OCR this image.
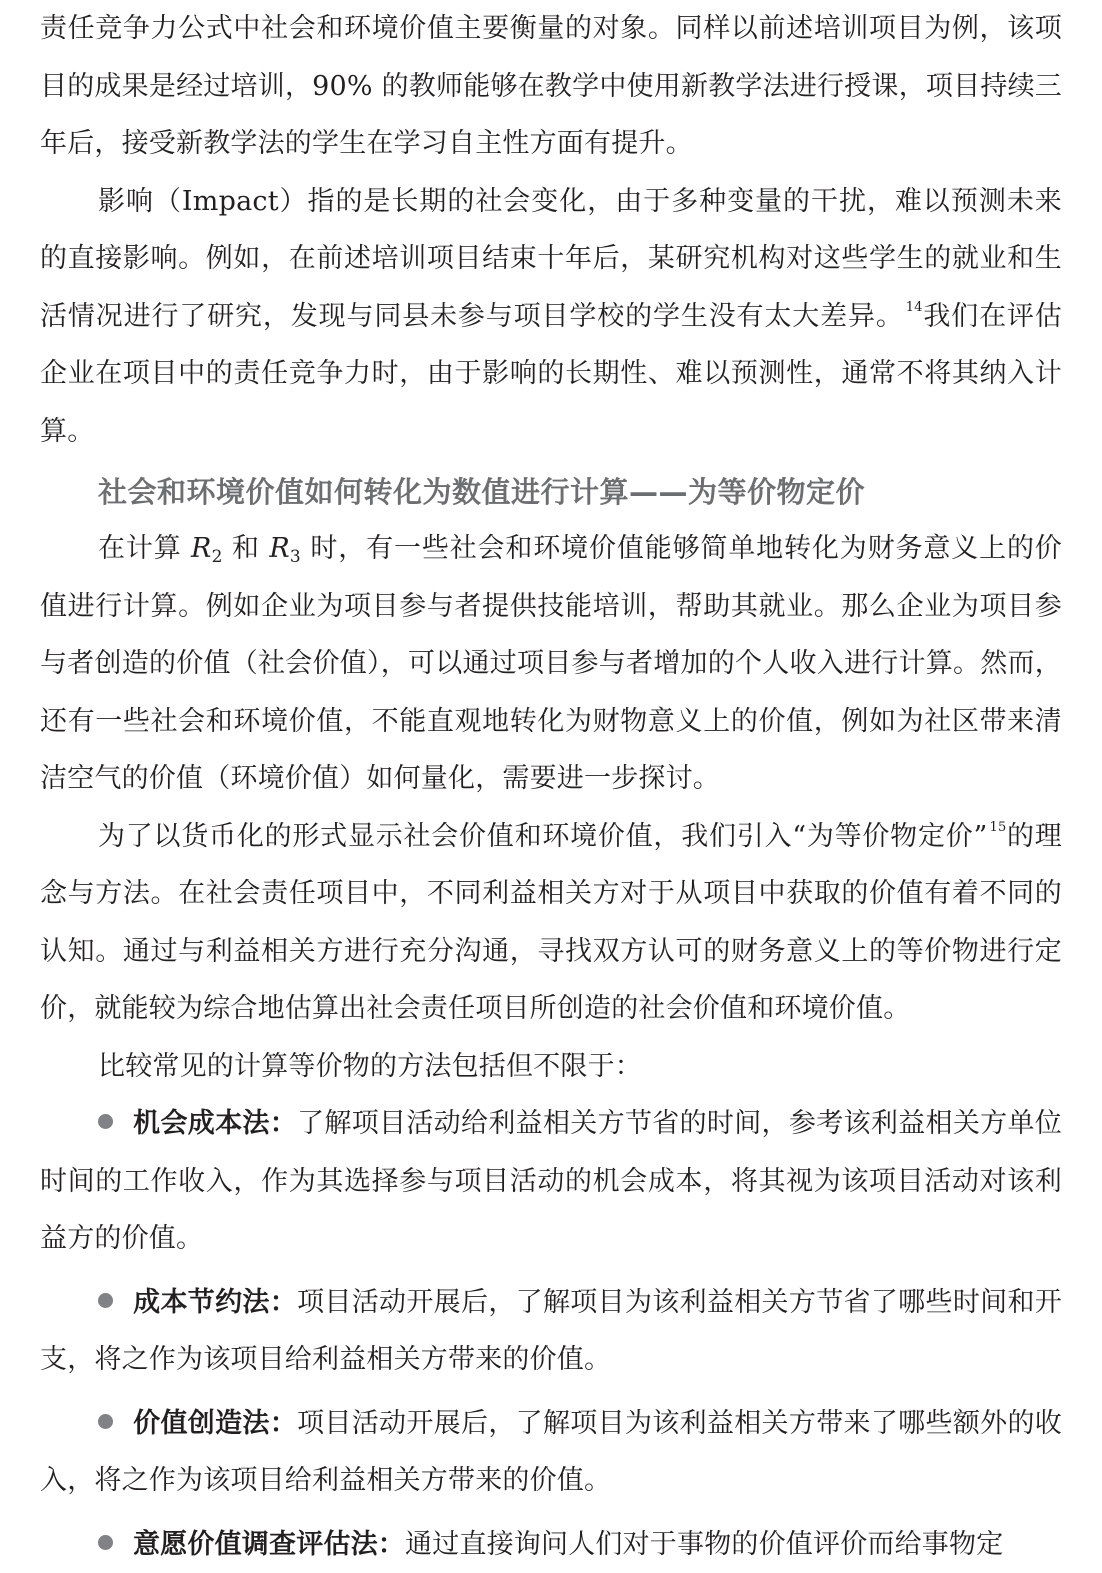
责任竞争力公式中社会和环境价值主要衡量的对象。同样以前述培训项目为例，该项目的成果是经过培训，90% 的教师能够在教学中使用新教学法进行授课，项目持续三年后，接受新教学法的学生在学习自主性方面有提升。

影响（Impact）指的是长期的社会变化，由于多种变量的干扰，难以预测未来的直接影响。例如，在前述培训项目结束十年后，某研究机构对这些学生的就业和生活情况进行了研究，发现与同县未参与项目学校的学生没有太大差异。 $^{14}$我们在评估企业在项目中的责任竞争力时，由于影响的长期性、难以预测性，通常不将其纳入计算。

社会和环境价值如何转化为数值进行计算——为等价物定价

在计算 $R_2$ 和 $R_3$ 时，有一些社会和环境价值能够简单地转化为财务意义上的价值进行计算。例如企业为项目参与者提供技能培训，帮助其就业。那么企业为项目参与者创造的价值（社会价值），可以通过项目参与者增加的个人收入进行计算。然而，还有一些社会和环境价值，不能直观地转化为财物意义上的价值，例如为社区带来清洁空气的价值（环境价值）如何量化，需要进一步探讨。

为了以货币化的形式显示社会价值和环境价值，我们引入“为等价物定价” $^{15}$的理念与方法。在社会责任项目中，不同利益相关方对于从项目中获取的价值有着不同的认知。通过与利益相关方进行充分沟通，寻找双方认可的财务意义上的等价物进行定价，就能较为综合地估算出社会责任项目所创造的社会价值和环境价值。

比较常见的计算等价物的方法包括但不限于：

机会成本法：了解项目活动给利益相关方节省的时间，参考该利益相关方单位时间的工作收入，作为其选择参与项目活动的机会成本，将其视为该项目活动对该利益方的价值。

成本节约法：项目活动开展后，了解项目为该利益相关方节省了哪些时间和开支，将之作为该项目给利益相关方带来的价值。

价值创造法：项目活动开展后，了解项目为该利益相关方带来了哪些额外的收入，将之作为该项目给利益相关方带来的价值。

意愿价值调查评估法：通过直接询问人们对于事物的价值评价而给事物定
